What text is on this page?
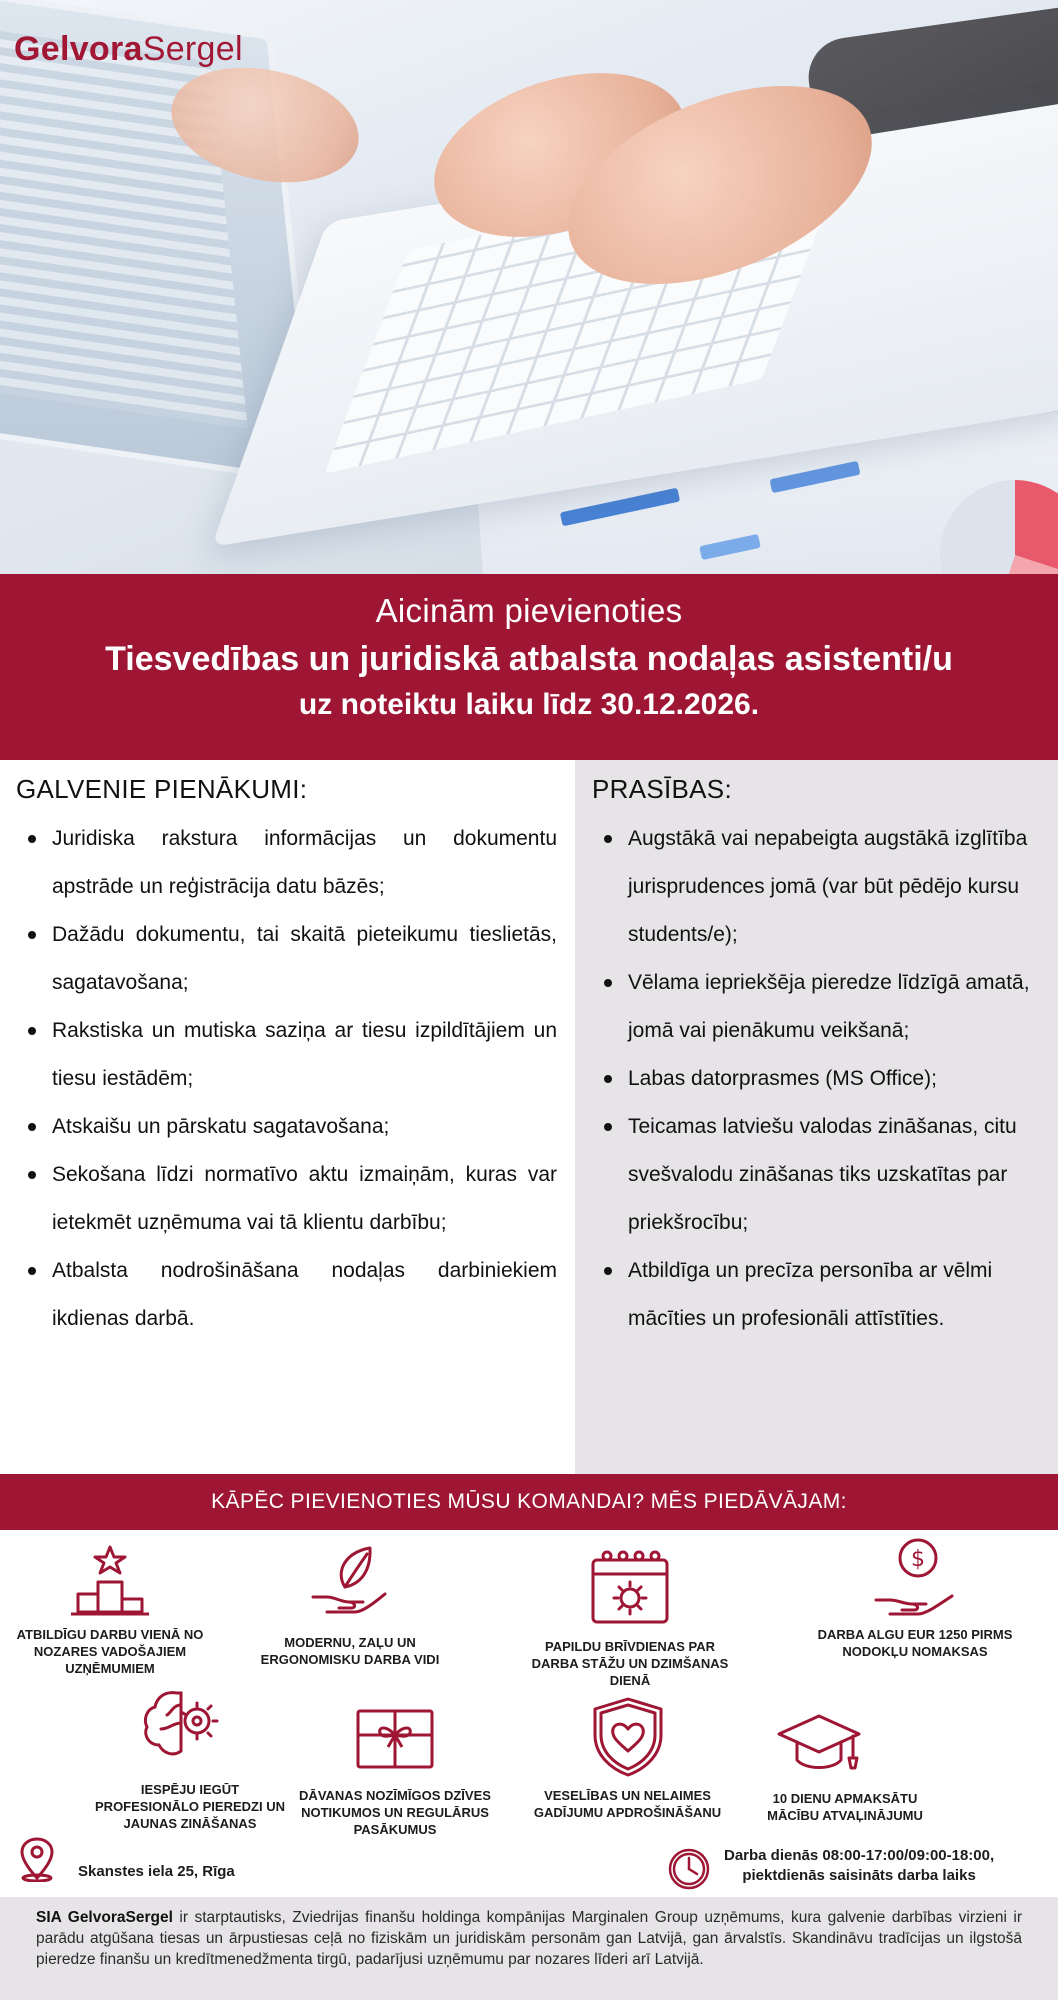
GelvoraSergel
Aicinām pievienoties
Tiesvedības un juridiskā atbalsta nodaļas asistenti/u
uz noteiktu laiku līdz 30.12.2026.
GALVENIE PIENĀKUMI:
Juridiska rakstura informācijas un dokumentu apstrāde un reģistrācija datu bāzēs;
Dažādu dokumentu, tai skaitā pieteikumu tieslietās, sagatavošana;
Rakstiska un mutiska saziņa ar tiesu izpildītājiem un tiesu iestādēm;
Atskaišu un pārskatu sagatavošana;
Sekošana līdzi normatīvo aktu izmaiņām, kuras var ietekmēt uzņēmuma vai tā klientu darbību;
Atbalsta nodrošināšana nodaļas darbiniekiem ikdienas darbā.
PRASĪBAS:
Augstākā vai nepabeigta augstākā izglītība jurisprudences jomā (var būt pēdējo kursu students/e);
Vēlama iepriekšēja pieredze līdzīgā amatā, jomā vai pienākumu veikšanā;
Labas datorprasmes (MS Office);
Teicamas latviešu valodas zināšanas, citu svešvalodu zināšanas tiks uzskatītas par priekšrocību;
Atbildīga un precīza personība ar vēlmi mācīties un profesionāli attīstīties.
KĀPĒC PIEVIENOTIES MŪSU KOMANDAI? MĒS PIEDĀVĀJAM:
ATBILDĪGU DARBU VIENĀ NO NOZARES VADOŠAJIEM UZŅĒMUMIEM
MODERNU, ZAĻU UN ERGONOMISKU DARBA VIDI
PAPILDU BRĪVDIENAS PAR DARBA STĀŽU UN DZIMŠANAS DIENĀ
$
DARBA ALGU EUR 1250 PIRMS NODOKĻU NOMAKSAS
IESPĒJU IEGŪT PROFESIONĀLO PIEREDZI UN JAUNAS ZINĀŠANAS
DĀVANAS NOZĪMĪGOS DZĪVES NOTIKUMOS UN REGULĀRUS PASĀKUMUS
VESELĪBAS UN NELAIMES GADĪJUMU APDROŠINĀŠANU
10 DIENU APMAKSĀTU MĀCĪBU ATVAĻINĀJUMU
Skanstes iela 25, Rīga
Darba dienās 08:00-17:00/09:00-18:00,
piektdienās saisināts darba laiks
SIA GelvoraSergel ir starptautisks, Zviedrijas finanšu holdinga kompānijas Marginalen Group uzņēmums, kura galvenie darbības virzieni ir parādu atgūšana tiesas un ārpustiesas ceļā no fiziskām un juridiskām personām gan Latvijā, gan ārvalstīs. Skandināvu tradīcijas un ilgstošā pieredze finanšu un kredītmenedžmenta tirgū, padarījusi uzņēmumu par nozares līderi arī Latvijā.
